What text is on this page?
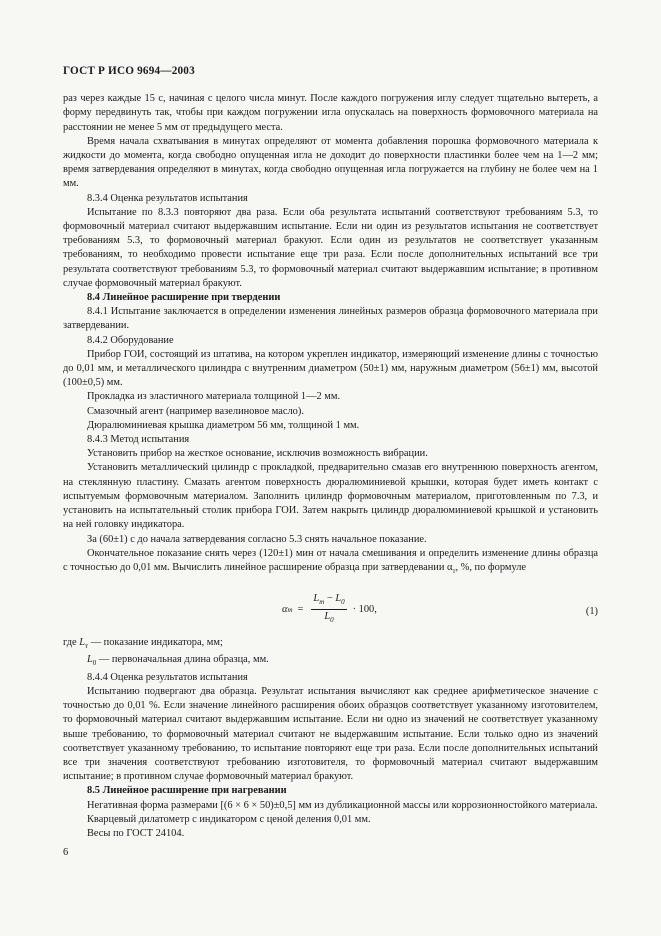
ГОСТ Р ИСО 9694—2003

раз через каждые 15 с, начиная с целого числа минут. После каждого погружения иглу следует тщательно вытереть, а форму передвинуть так, чтобы при каждом погружении игла опускалась на поверхность формовочного материала на расстоянии не менее 5 мм от предыдущего места.

Время начала схватывания в минутах определяют от момента добавления порошка формовочного материала к жидкости до момента, когда свободно опущенная игла не доходит до поверхности пластинки более чем на 1—2 мм; время затвердевания определяют в минутах, когда свободно опущенная игла погружается на глубину не более чем на 1 мм.

8.3.4 Оценка результатов испытания

Испытание по 8.3.3 повторяют два раза. Если оба результата испытаний соответствуют требованиям 5.3, то формовочный материал считают выдержавшим испытание. Если ни один из результатов испытания не соответствует требованиям 5.3, то формовочный материал бракуют. Если один из результатов не соответствует указанным требованиям, то необходимо провести испытание еще три раза. Если после дополнительных испытаний все три результата соответствуют требованиям 5.3, то формовочный материал считают выдержавшим испытание; в противном случае формовочный материал бракуют.

8.4 Линейное расширение при твердении

8.4.1 Испытание заключается в определении изменения линейных размеров образца формовочного материала при затвердевании.

8.4.2 Оборудование

Прибор ГОИ, состоящий из штатива, на котором укреплен индикатор, измеряющий изменение длины с точностью до 0,01 мм, и металлического цилиндра с внутренним диаметром (50±1) мм, наружным диаметром (56±1) мм, высотой (100±0,5) мм.

Прокладка из эластичного материала толщиной 1—2 мм.

Смазочный агент (например вазелиновое масло).

Дюралюминиевая крышка диаметром 56 мм, толщиной 1 мм.

8.4.3 Метод испытания

Установить прибор на жесткое основание, исключив возможность вибрации.

Установить металлический цилиндр с прокладкой, предварительно смазав его внутреннюю поверхность агентом, на стеклянную пластину. Смазать агентом поверхность дюралюминиевой крышки, которая будет иметь контакт с испытуемым формовочным материалом. Заполнить цилиндр формовочным материалом, приготовленным по 7.3, и установить на испытательный столик прибора ГОИ. Затем накрыть цилиндр дюралюминиевой крышкой и установить на ней головку индикатора.

За (60±1) с до начала затвердевания согласно 5.3 снять начальное показание.

Окончательное показание снять через (120±1) мин от начала смешивания и определить изменение длины образца с точностью до 0,01 мм. Вычислить линейное расширение образца при затвердевании $\alpha_т$, %, по формуле

α $т = \frac{L_т - L_0}{L_0} \cdot 100$,	(1)

где $L_т$ — показание индикатора, мм;

$L_0$ — первоначальная длина образца, мм.

8.4.4 Оценка результатов испытания

Испытанию подвергают два образца. Результат испытания вычисляют как среднее арифметическое значение с точностью до 0,01 %. Если значение линейного расширения обоих образцов соответствует указанному изготовителем, то формовочный материал считают выдержавшим испытание. Если ни одно из значений не соответствует указанному выше требованию, то формовочный материал считают не выдержавшим испытание. Если только одно из значений соответствует указанному требованию, то испытание повторяют еще три раза. Если после дополнительных испытаний все три значения соответствуют требованию изготовителя, то формовочный материал считают выдержавшим испытание; в противном случае формовочный материал бракуют.

8.5 Линейное расширение при нагревании

Негативная форма размерами [(6 × 6 × 50)±0,5] мм из дубликационной массы или коррозионностойкого материала.

Кварцевый дилатометр с индикатором с ценой деления 0,01 мм.

Весы по ГОСТ 24104.

6
